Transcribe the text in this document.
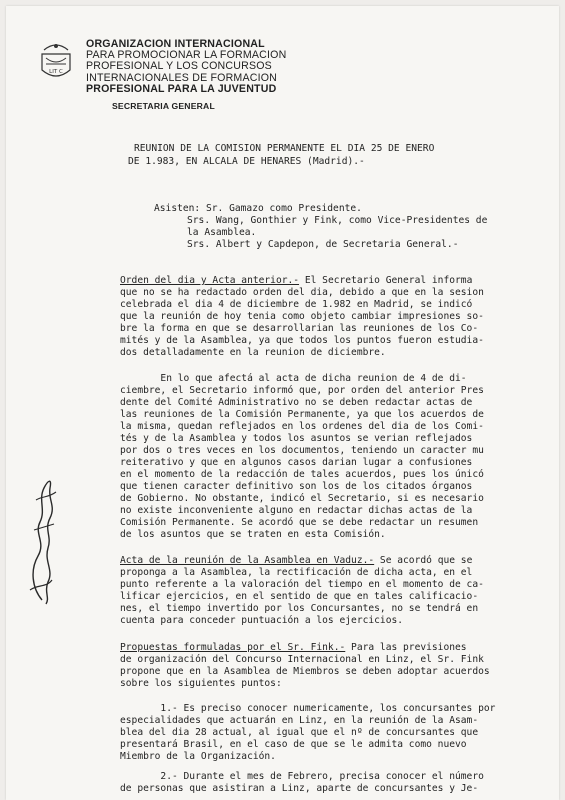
LIT C
ORGANIZACION INTERNACIONAL
PARA PROMOCIONAR LA FORMACION
PROFESIONAL Y LOS CONCURSOS
INTERNACIONALES DE FORMACION
PROFESIONAL PARA LA JUVENTUD
SECRETARIA GENERAL
REUNION DE LA COMISION PERMANENTE EL DIA 25 DE ENERO
DE 1.983, EN ALCALA DE HENARES (Madrid).-
Asisten: Sr. Gamazo como Presidente.
Srs. Wang, Gonthier y Fink, como Vice-Presidentes de
la Asamblea.
Srs. Albert y Capdepon, de Secretaria General.-
Orden del dia y Acta anterior.- El Secretario General informa
que no se ha redactado orden del dia, debido a que en la sesion
celebrada el dia 4 de diciembre de 1.982 en Madrid, se indicó
que la reunión de hoy tenia como objeto cambiar impresiones so-
bre la forma en que se desarrollarian las reuniones de los Co-
mités y de la Asamblea, ya que todos los puntos fueron estudia-
dos detalladamente en la reunion de diciembre.
En lo que afectá al acta de dicha reunion de 4 de di-
ciembre, el Secretario informó que, por orden del anterior Pres
dente del Comité Administrativo no se deben redactar actas de
las reuniones de la Comisión Permanente, ya que los acuerdos de
la misma, quedan reflejados en los ordenes del dia de los Comi-
tés y de la Asamblea y todos los asuntos se verian reflejados
por dos o tres veces en los documentos, teniendo un caracter mu
reiterativo y que en algunos casos darian lugar a confusiones
en el momento de la redacción de tales acuerdos, pues los únicó
que tienen caracter definitivo son los de los citados órganos
de Gobierno. No obstante, indicó el Secretario, si es necesario
no existe inconveniente alguno en redactar dichas actas de la
Comisión Permanente. Se acordó que se debe redactar un resumen
de los asuntos que se traten en esta Comisión.
Acta de la reunión de la Asamblea en Vaduz.- Se acordó que se
proponga a la Asamblea, la rectificación de dicha acta, en el
punto referente a la valoración del tiempo en el momento de ca-
lificar ejercicios, en el sentido de que en tales calificacio-
nes, el tiempo invertido por los Concursantes, no se tendrá en
cuenta para conceder puntuación a los ejercicios.
Propuestas formuladas por el Sr. Fink.- Para las previsiones
de organización del Concurso Internacional en Linz, el Sr. Fink
propone que en la Asamblea de Miembros se deben adoptar acuerdos
sobre los siguientes puntos:
1.- Es preciso conocer numericamente, los concursantes por
especialidades que actuarán en Linz, en la reunión de la Asam-
blea del dia 28 actual, al igual que el nº de concursantes que
presentará Brasil, en el caso de que se le admita como nuevo
Miembro de la Organización.
2.- Durante el mes de Febrero, precisa conocer el número
de personas que asistiran a Linz, aparte de concursantes y Je-
